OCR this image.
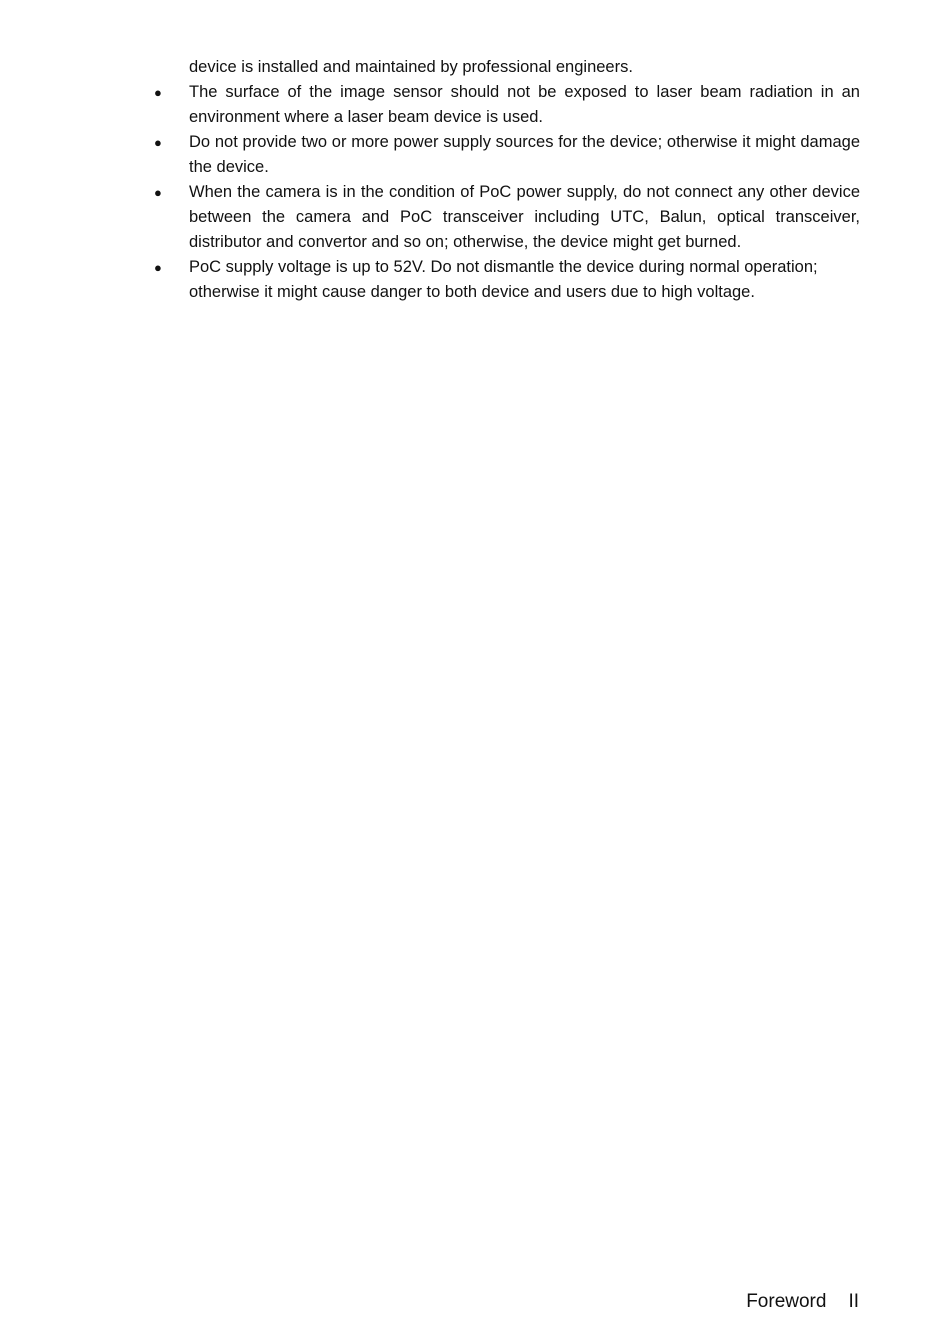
device is installed and maintained by professional engineers.

●	The surface of the image sensor should not be exposed to laser beam radiation in an environment where a laser beam device is used.
●	Do not provide two or more power supply sources for the device; otherwise it might damage the device.
●	When the camera is in the condition of PoC power supply, do not connect any other device between the camera and PoC transceiver including UTC, Balun, optical transceiver, distributor and convertor and so on; otherwise, the device might get burned.
●	PoC supply voltage is up to 52V. Do not dismantle the device during normal operation; otherwise it might cause danger to both device and users due to high voltage.
Foreword II
